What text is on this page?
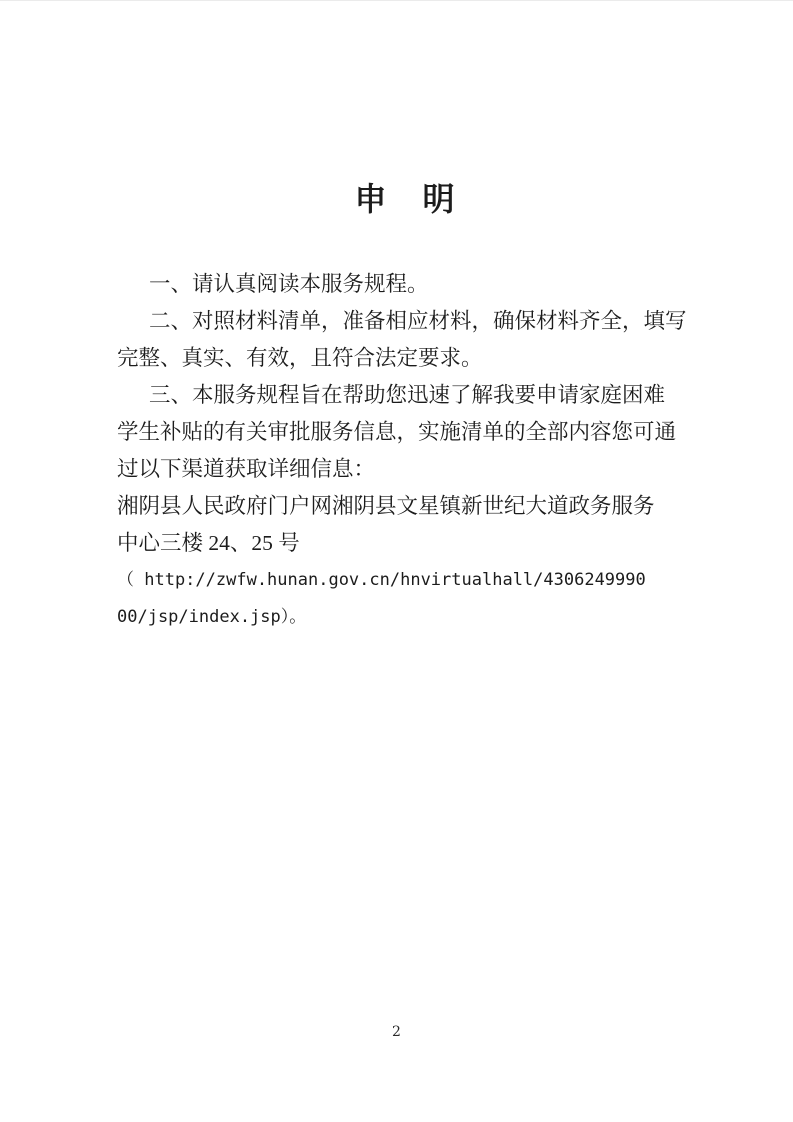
申　明
一、请认真阅读本服务规程。
二、对照材料清单，准备相应材料，确保材料齐全，填写
完整、真实、有效，且符合法定要求。
三、本服务规程旨在帮助您迅速了解我要申请家庭困难
学生补贴的有关审批服务信息，实施清单的全部内容您可通
过以下渠道获取详细信息：
湘阴县人民政府门户网湘阴县文星镇新世纪大道政务服务
中心三楼 24、25 号
（ http://zwfw.hunan.gov.cn/hnvirtualhall/4306249990
00/jsp/index.jsp）。
2
